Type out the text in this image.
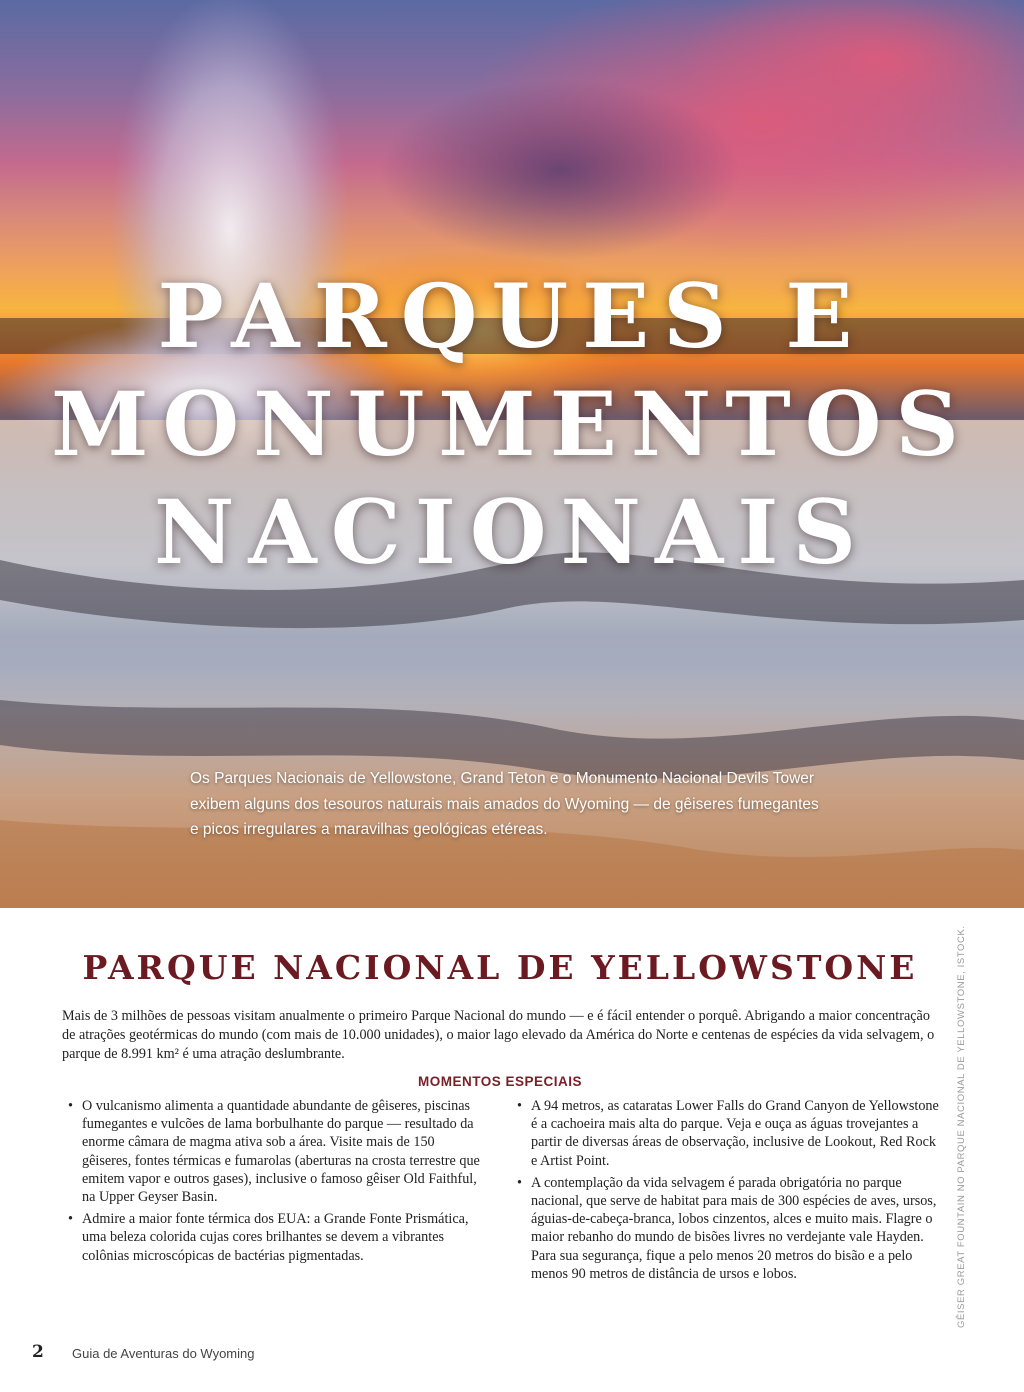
PARQUES E
MONUMENTOS
NACIONAIS

Os Parques Nacionais de Yellowstone, Grand Teton e o Monumento Nacional Devils Tower exibem alguns dos tesouros naturais mais amados do Wyoming — de gêiseres fumegantes e picos irregulares a maravilhas geológicas etéreas.

PARQUE NACIONAL DE YELLOWSTONE

Mais de 3 milhões de pessoas visitam anualmente o primeiro Parque Nacional do mundo — e é fácil entender o porquê. Abrigando a maior concentração de atrações geotérmicas do mundo (com mais de 10.000 unidades), o maior lago elevado da América do Norte e centenas de espécies da vida selvagem, o parque de 8.991 km² é uma atração deslumbrante.

MOMENTOS ESPECIAIS
• O vulcanismo alimenta a quantidade abundante de gêiseres, piscinas fumegantes e vulcões de lama borbulhante do parque — resultado da enorme câmara de magma ativa sob a área. Visite mais de 150 gêiseres, fontes térmicas e fumarolas (aberturas na crosta terrestre que emitem vapor e outros gases), inclusive o famoso gêiser Old Faithful, na Upper Geyser Basin.
• Admire a maior fonte térmica dos EUA: a Grande Fonte Prismática, uma beleza colorida cujas cores brilhantes se devem a vibrantes colônias microscópicas de bactérias pigmentadas.
• A 94 metros, as cataratas Lower Falls do Grand Canyon de Yellowstone é a cachoeira mais alta do parque. Veja e ouça as águas trovejantes a partir de diversas áreas de observação, inclusive de Lookout, Red Rock e Artist Point.
• A contemplação da vida selvagem é parada obrigatória no parque nacional, que serve de habitat para mais de 300 espécies de aves, ursos, águias-de-cabeça-branca, lobos cinzentos, alces e muito mais. Flagre o maior rebanho do mundo de bisões livres no verdejante vale Hayden. Para sua segurança, fique a pelo menos 20 metros do bisão e a pelo menos 90 metros de distância de ursos e lobos.	GÊISER GREAT FOUNTAIN NO PARQUE NACIONAL DE YELLOWSTONE, ISTOCK.

2 Guia de Aventuras do Wyoming
